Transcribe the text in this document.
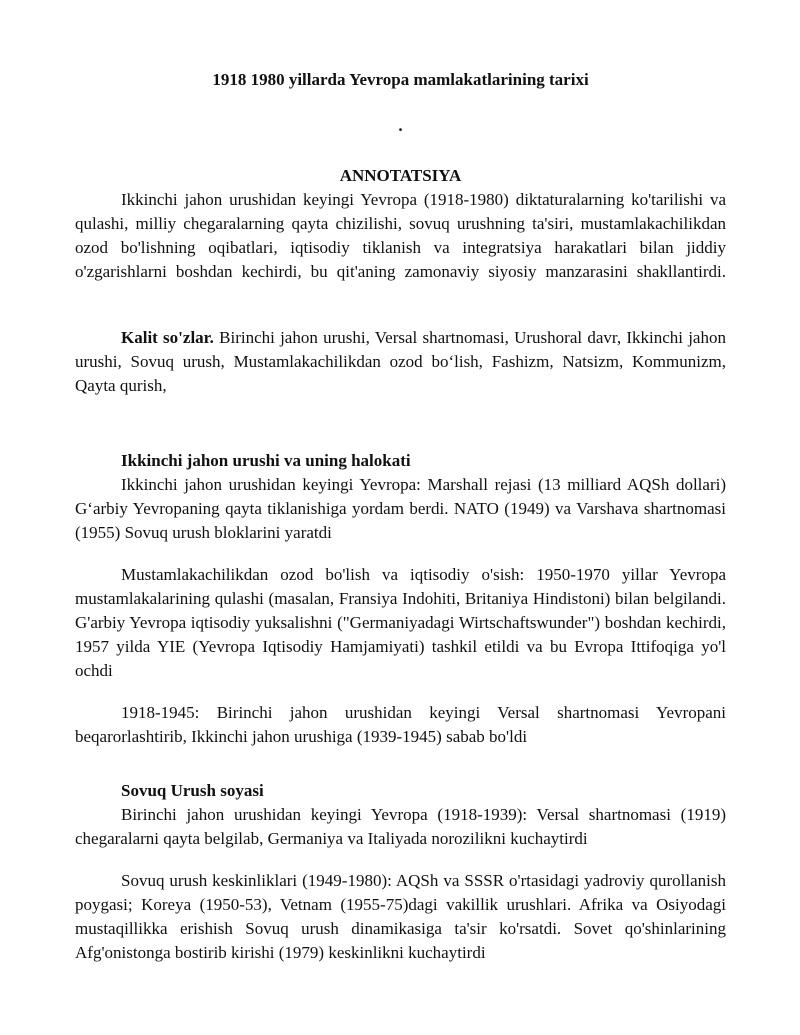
1918 1980 yillarda Yevropa mamlakatlarining tarixi
.
ANNOTATSIYA

Ikkinchi jahon urushidan keyingi Yevropa (1918-1980) diktaturalarning ko'tarilishi va qulashi, milliy chegaralarning qayta chizilishi, sovuq urushning ta'siri, mustamlakachilikdan ozod bo'lishning oqibatlari, iqtisodiy tiklanish va integratsiya harakatlari bilan jiddiy o'zgarishlarni boshdan kechirdi, bu qit'aning zamonaviy siyosiy manzarasini shakllantirdi.

Kalit so'zlar. Birinchi jahon urushi, Versal shartnomasi, Urushoral davr, Ikkinchi jahon urushi, Sovuq urush, Mustamlakachilikdan ozod bo‘lish, Fashizm, Natsizm, Kommunizm, Qayta qurish,

Ikkinchi jahon urushi va uning halokati

Ikkinchi jahon urushidan keyingi Yevropa: Marshall rejasi (13 milliard AQSh dollari) G‘arbiy Yevropaning qayta tiklanishiga yordam berdi. NATO (1949) va Varshava shartnomasi (1955) Sovuq urush bloklarini yaratdi

Mustamlakachilikdan ozod bo'lish va iqtisodiy o'sish: 1950-1970 yillar Yevropa mustamlakalarining qulashi (masalan, Fransiya Indohiti, Britaniya Hindistoni) bilan belgilandi. G'arbiy Yevropa iqtisodiy yuksalishni ("Germaniyadagi Wirtschaftswunder") boshdan kechirdi, 1957 yilda YIE (Yevropa Iqtisodiy Hamjamiyati) tashkil etildi va bu Evropa Ittifoqiga yo'l ochdi

1918-1945: Birinchi jahon urushidan keyingi Versal shartnomasi Yevropani beqarorlashtirib, Ikkinchi jahon urushiga (1939-1945) sabab bo'ldi

Sovuq Urush soyasi

Birinchi jahon urushidan keyingi Yevropa (1918-1939): Versal shartnomasi (1919) chegaralarni qayta belgilab, Germaniya va Italiyada norozilikni kuchaytirdi

Sovuq urush keskinliklari (1949-1980): AQSh va SSSR o'rtasidagi yadroviy qurollanish poygasi; Koreya (1950-53), Vetnam (1955-75)dagi vakillik urushlari. Afrika va Osiyodagi mustaqillikka erishish Sovuq urush dinamikasiga ta'sir ko'rsatdi. Sovet qo'shinlarining Afg'onistonga bostirib kirishi (1979) keskinlikni kuchaytirdi
